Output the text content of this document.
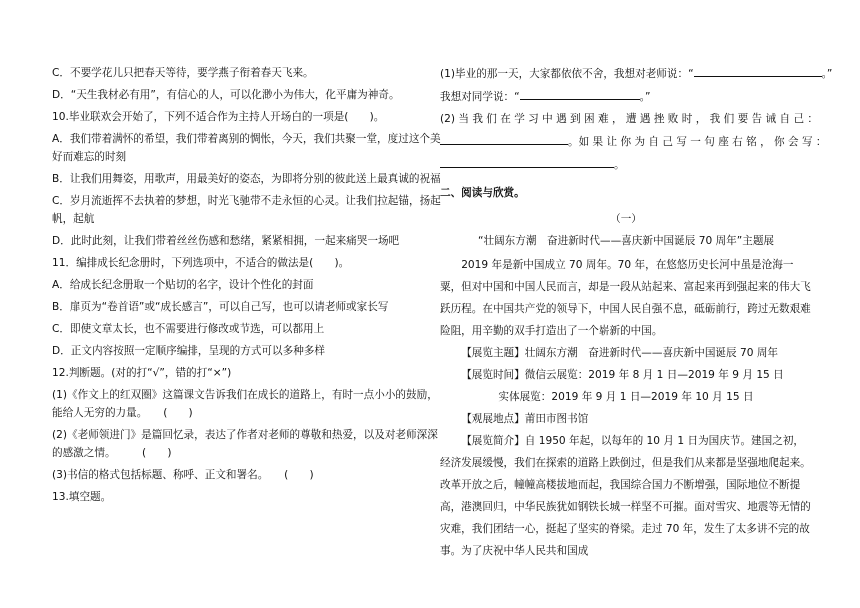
C．不要学花儿只把春天等待，要学燕子衔着春天飞来。
D．“天生我材必有用”，有信心的人，可以化渺小为伟大，化平庸为神奇。
10.毕业联欢会开始了，下列不适合作为主持人开场白的一项是(　　)。
A．我们带着满怀的希望，我们带着离别的惆怅，今天，我们共聚一堂，度过这个美
好而难忘的时刻
B．让我们用舞姿，用歌声，用最美好的姿态，为即将分别的彼此送上最真诚的祝福
C．岁月流逝挥不去执着的梦想，时光飞驰带不走永恒的心灵。让我们拉起锚，扬起
帆，起航
D．此时此刻，让我们带着丝丝伤感和愁绪，紧紧相拥，一起来痛哭一场吧
11．编排成长纪念册时，下列选项中，不适合的做法是(　　)。
A．给成长纪念册取一个贴切的名字，设计个性化的封面
B．扉页为“卷首语”或“成长感言”，可以自己写，也可以请老师或家长写
C．即使文章太长，也不需要进行修改或节选，可以都用上
D．正文内容按照一定顺序编排，呈现的方式可以多种多样
12.判断题。(对的打“√”，错的打“×”)
(1)《作文上的红双圈》这篇课文告诉我们在成长的道路上，有时一点小小的鼓励，
能给人无穷的力量。　　(　　)
(2)《老师领进门》是篇回忆录，表达了作者对老师的尊敬和热爱，以及对老师深深
的感激之情。　　　(　　)
(3)书信的格式包括标题、称呼、正文和署名。　　(　　)
13.填空题。
(1)毕业的那一天，大家都依依不舍，我想对老师说：“	。”
我想对同学说：“	。”
(2) 当 我 们 在 学 习 中 遇 到 困 难 ， 遭 遇 挫 败 时 ， 我 们 要 告 诫 自 己 ：
。如 果 让 你 为 自 己 写 一 句 座 右 铭 ， 你 会 写 ：
。
二、阅读与欣赏。
（一）
“壮阔东方潮　奋进新时代——喜庆新中国诞辰 70 周年”主题展
2019 年是新中国成立 70 周年。70 年，在悠悠历史长河中虽是沧海一粟，但对中国和中国人民而言，却是一段从站起来、富起来再到强起来的伟大飞跃历程。在中国共产党的领导下，中国人民自强不息，砥砺前行，跨过无数艰难险阻，用辛勤的双手打造出了一个崭新的中国。
【展览主题】壮阔东方潮　奋进新时代——喜庆新中国诞辰 70 周年
【展览时间】微信云展览：2019 年 8 月 1 日—2019 年 9 月 15 日
实体展览：2019 年 9 月 1 日—2019 年 10 月 15 日
【观展地点】莆田市图书馆
【展览简介】自 1950 年起，以每年的 10 月 1 日为国庆节。建国之初，经济发展缓慢，我们在探索的道路上跌倒过，但是我们从来都是坚强地爬起来。改革开放之后，幢幢高楼拔地而起，我国综合国力不断增强，国际地位不断提高，港澳回归，中华民族犹如钢铁长城一样坚不可摧。面对雪灾、地震等无情的灾难，我们团结一心，挺起了坚实的脊梁。走过 70 年，发生了太多讲不完的故事。为了庆祝中华人民共和国成
